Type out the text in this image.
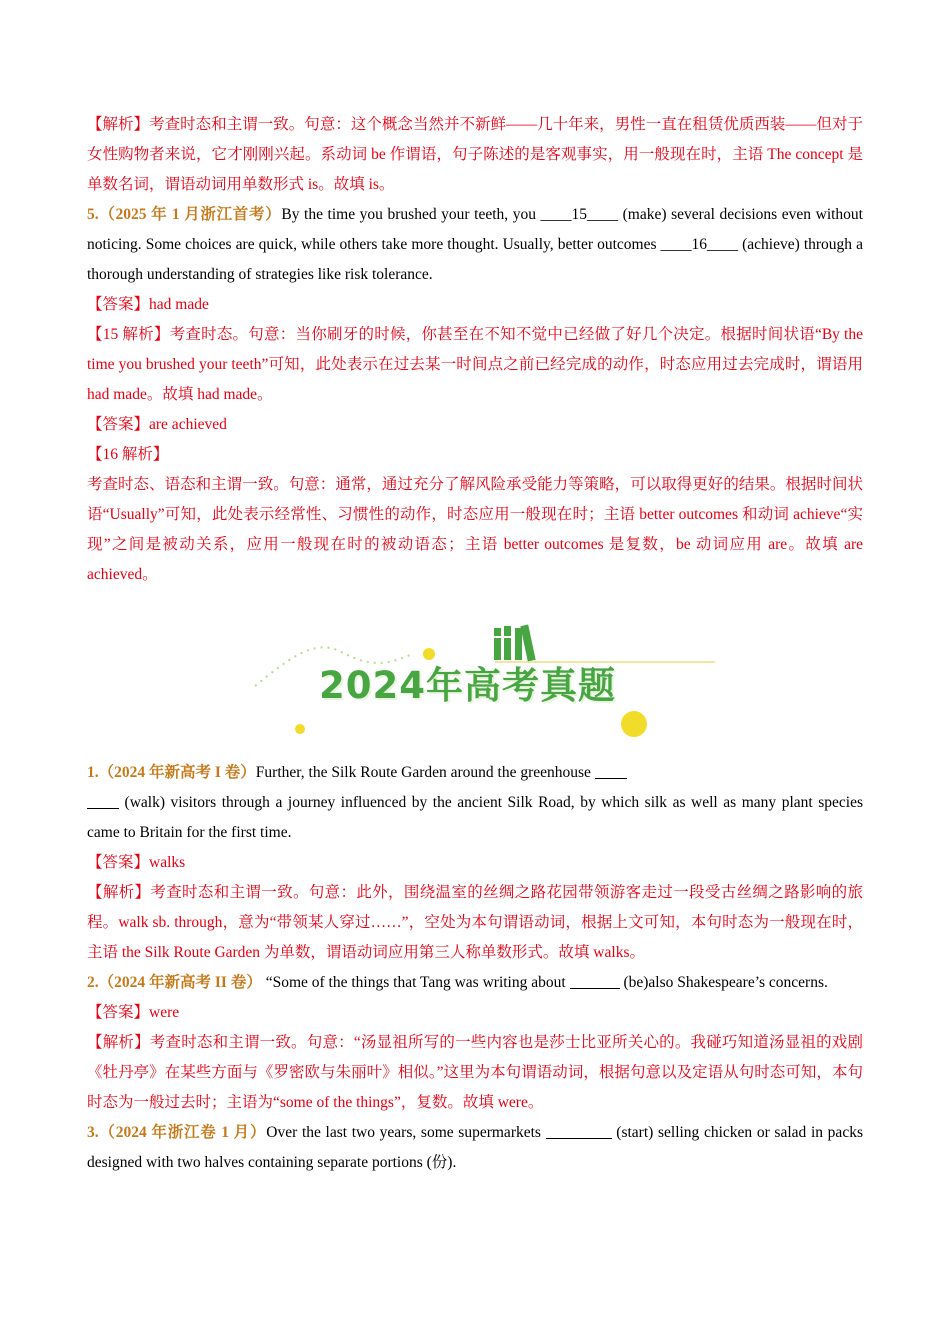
【解析】考查时态和主谓一致。句意：这个概念当然并不新鲜——几十年来，男性一直在租赁优质西装——但对于女性购物者来说，它才刚刚兴起。系动词 be 作谓语，句子陈述的是客观事实，用一般现在时，主语 The concept 是单数名词，谓语动词用单数形式 is。故填 is。

5.（2025 年 1 月浙江首考）By the time you brushed your teeth, you ____15____ (make) several decisions even without noticing. Some choices are quick, while others take more thought. Usually, better outcomes ____16____ (achieve) through a thorough understanding of strategies like risk tolerance.

【答案】had made

【15 解析】考查时态。句意：当你刷牙的时候，你甚至在不知不觉中已经做了好几个决定。根据时间状语“By the time you brushed your teeth”可知，此处表示在过去某一时间点之前已经完成的动作，时态应用过去完成时，谓语用 had made。故填 had made。

【答案】are achieved

【16 解析】

考查时态、语态和主谓一致。句意：通常，通过充分了解风险承受能力等策略，可以取得更好的结果。根据时间状语“Usually”可知，此处表示经常性、习惯性的动作，时态应用一般现在时；主语 better outcomes 和动词 achieve“实现”之间是被动关系，应用一般现在时的被动语态；主语 better outcomes 是复数，be 动词应用 are。故填 are achieved。

2024年高考真题

1.（2024 年新高考 I 卷）Further, the Silk Route Garden around the greenhouse
(walk) visitors through a journey influenced by the ancient Silk Road, by which silk as well as many plant species came to Britain for the first time.

【答案】walks

【解析】考查时态和主谓一致。句意：此外，围绕温室的丝绸之路花园带领游客走过一段受古丝绸之路影响的旅程。walk sb. through，意为“带领某人穿过……”，空处为本句谓语动词，根据上文可知，本句时态为一般现在时，主语 the Silk Route Garden 为单数，谓语动词应用第三人称单数形式。故填 walks。

2.（2024 年新高考 II 卷） “Some of the things that Tang was writing about	(be)also Shakespeare’s concerns.

【答案】were

【解析】考查时态和主谓一致。句意：“汤显祖所写的一些内容也是莎士比亚所关心的。我碰巧知道汤显祖的戏剧《牡丹亭》在某些方面与《罗密欧与朱丽叶》相似。”这里为本句谓语动词，根据句意以及定语从句时态可知，本句时态为一般过去时；主语为“some of the things”，复数。故填 were。

3.（2024 年浙江卷 1 月）Over the last two years, some supermarkets	(start) selling chicken or salad in packs designed with two halves containing separate portions (份).
